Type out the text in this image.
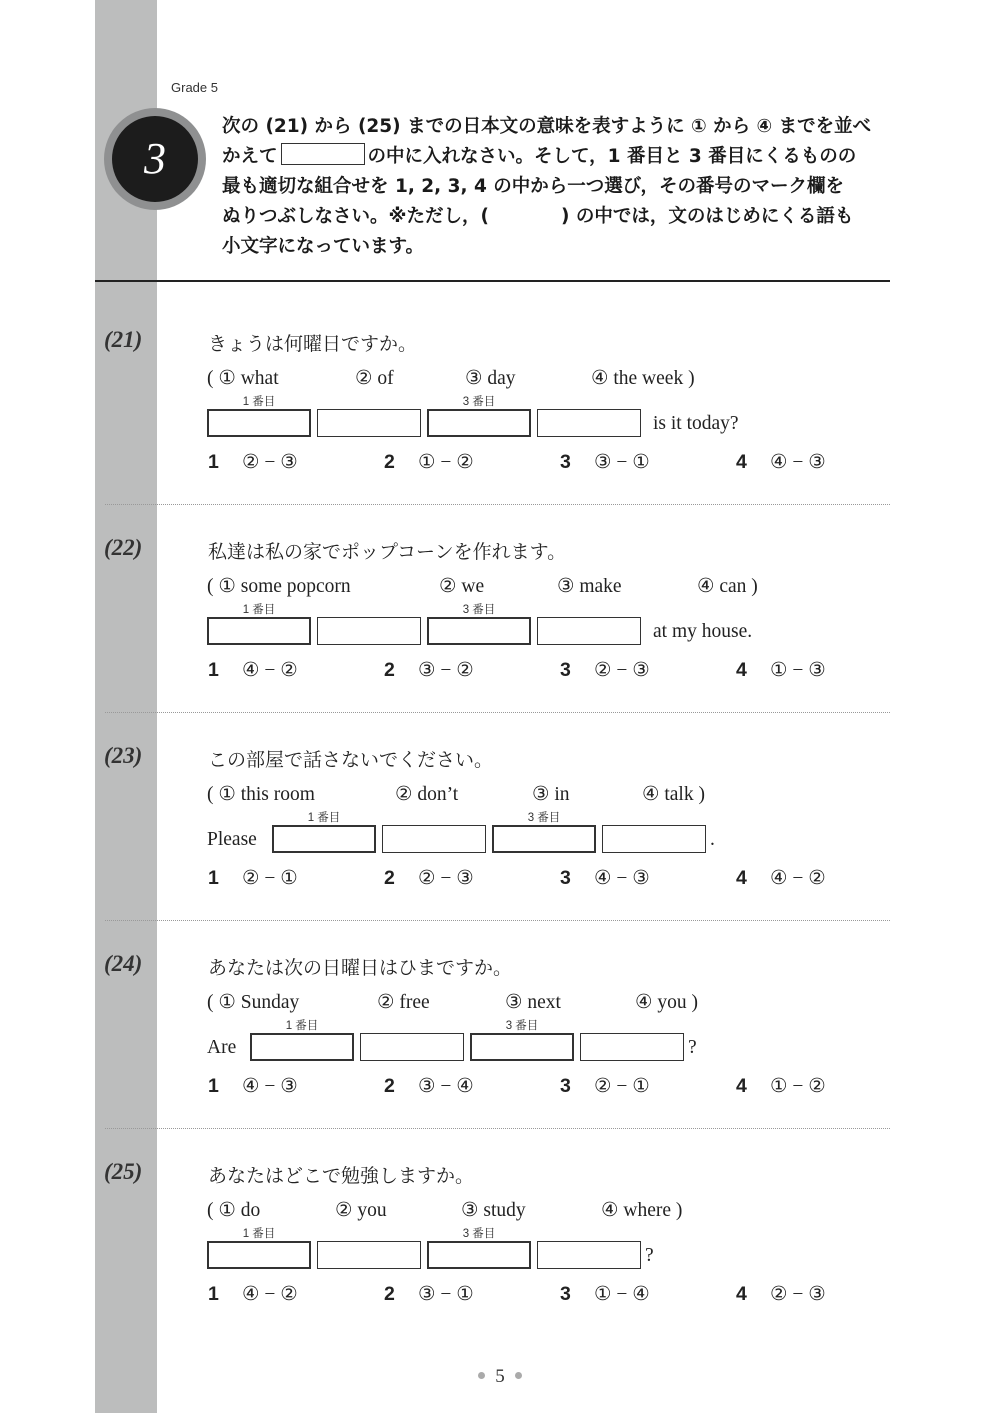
Grade 5
3
次の (21) から (25) までの日本文の意味を表すように ① から ④ までを並べ
かえて	の中に入れなさい。そして，1 番目と 3 番目にくるものの
最も適切な組合せを 1, 2, 3, 4 の中から一つ選び，その番号のマーク欄を
ぬりつぶしなさい。※ただし，(	) の中では，文のはじめにくる語も
小文字になっています。
(21)	きょうは何曜日ですか。
( ① what	② of	③ day	④ the week )
1 番目	3 番目
is it today?
1 ② − ③	2 ① − ②	3 ③ − ①	4 ④ − ③
(22)	私達は私の家でポップコーンを作れます。
( ① some popcorn	② we	③ make	④ can )
1 番目	3 番目
at my house.
1 ④ − ②	2 ③ − ②	3 ② − ③	4 ① − ③
(23)	この部屋で話さないでください。
( ① this room	② don’t	③ in	④ talk )
1 番目	3 番目
Please	.
1 ② − ①	2 ② − ③	3 ④ − ③	4 ④ − ②
(24)	あなたは次の日曜日はひまですか。
( ① Sunday	② free	③ next	④ you )
1 番目	3 番目
Are	?
1 ④ − ③	2 ③ − ④	3 ② − ①	4 ① − ②
(25)	あなたはどこで勉強しますか。
( ① do	② you	③ study	④ where )
1 番目	3 番目
?
1 ④ − ②	2 ③ − ①	3 ① − ④	4 ② − ③
5
